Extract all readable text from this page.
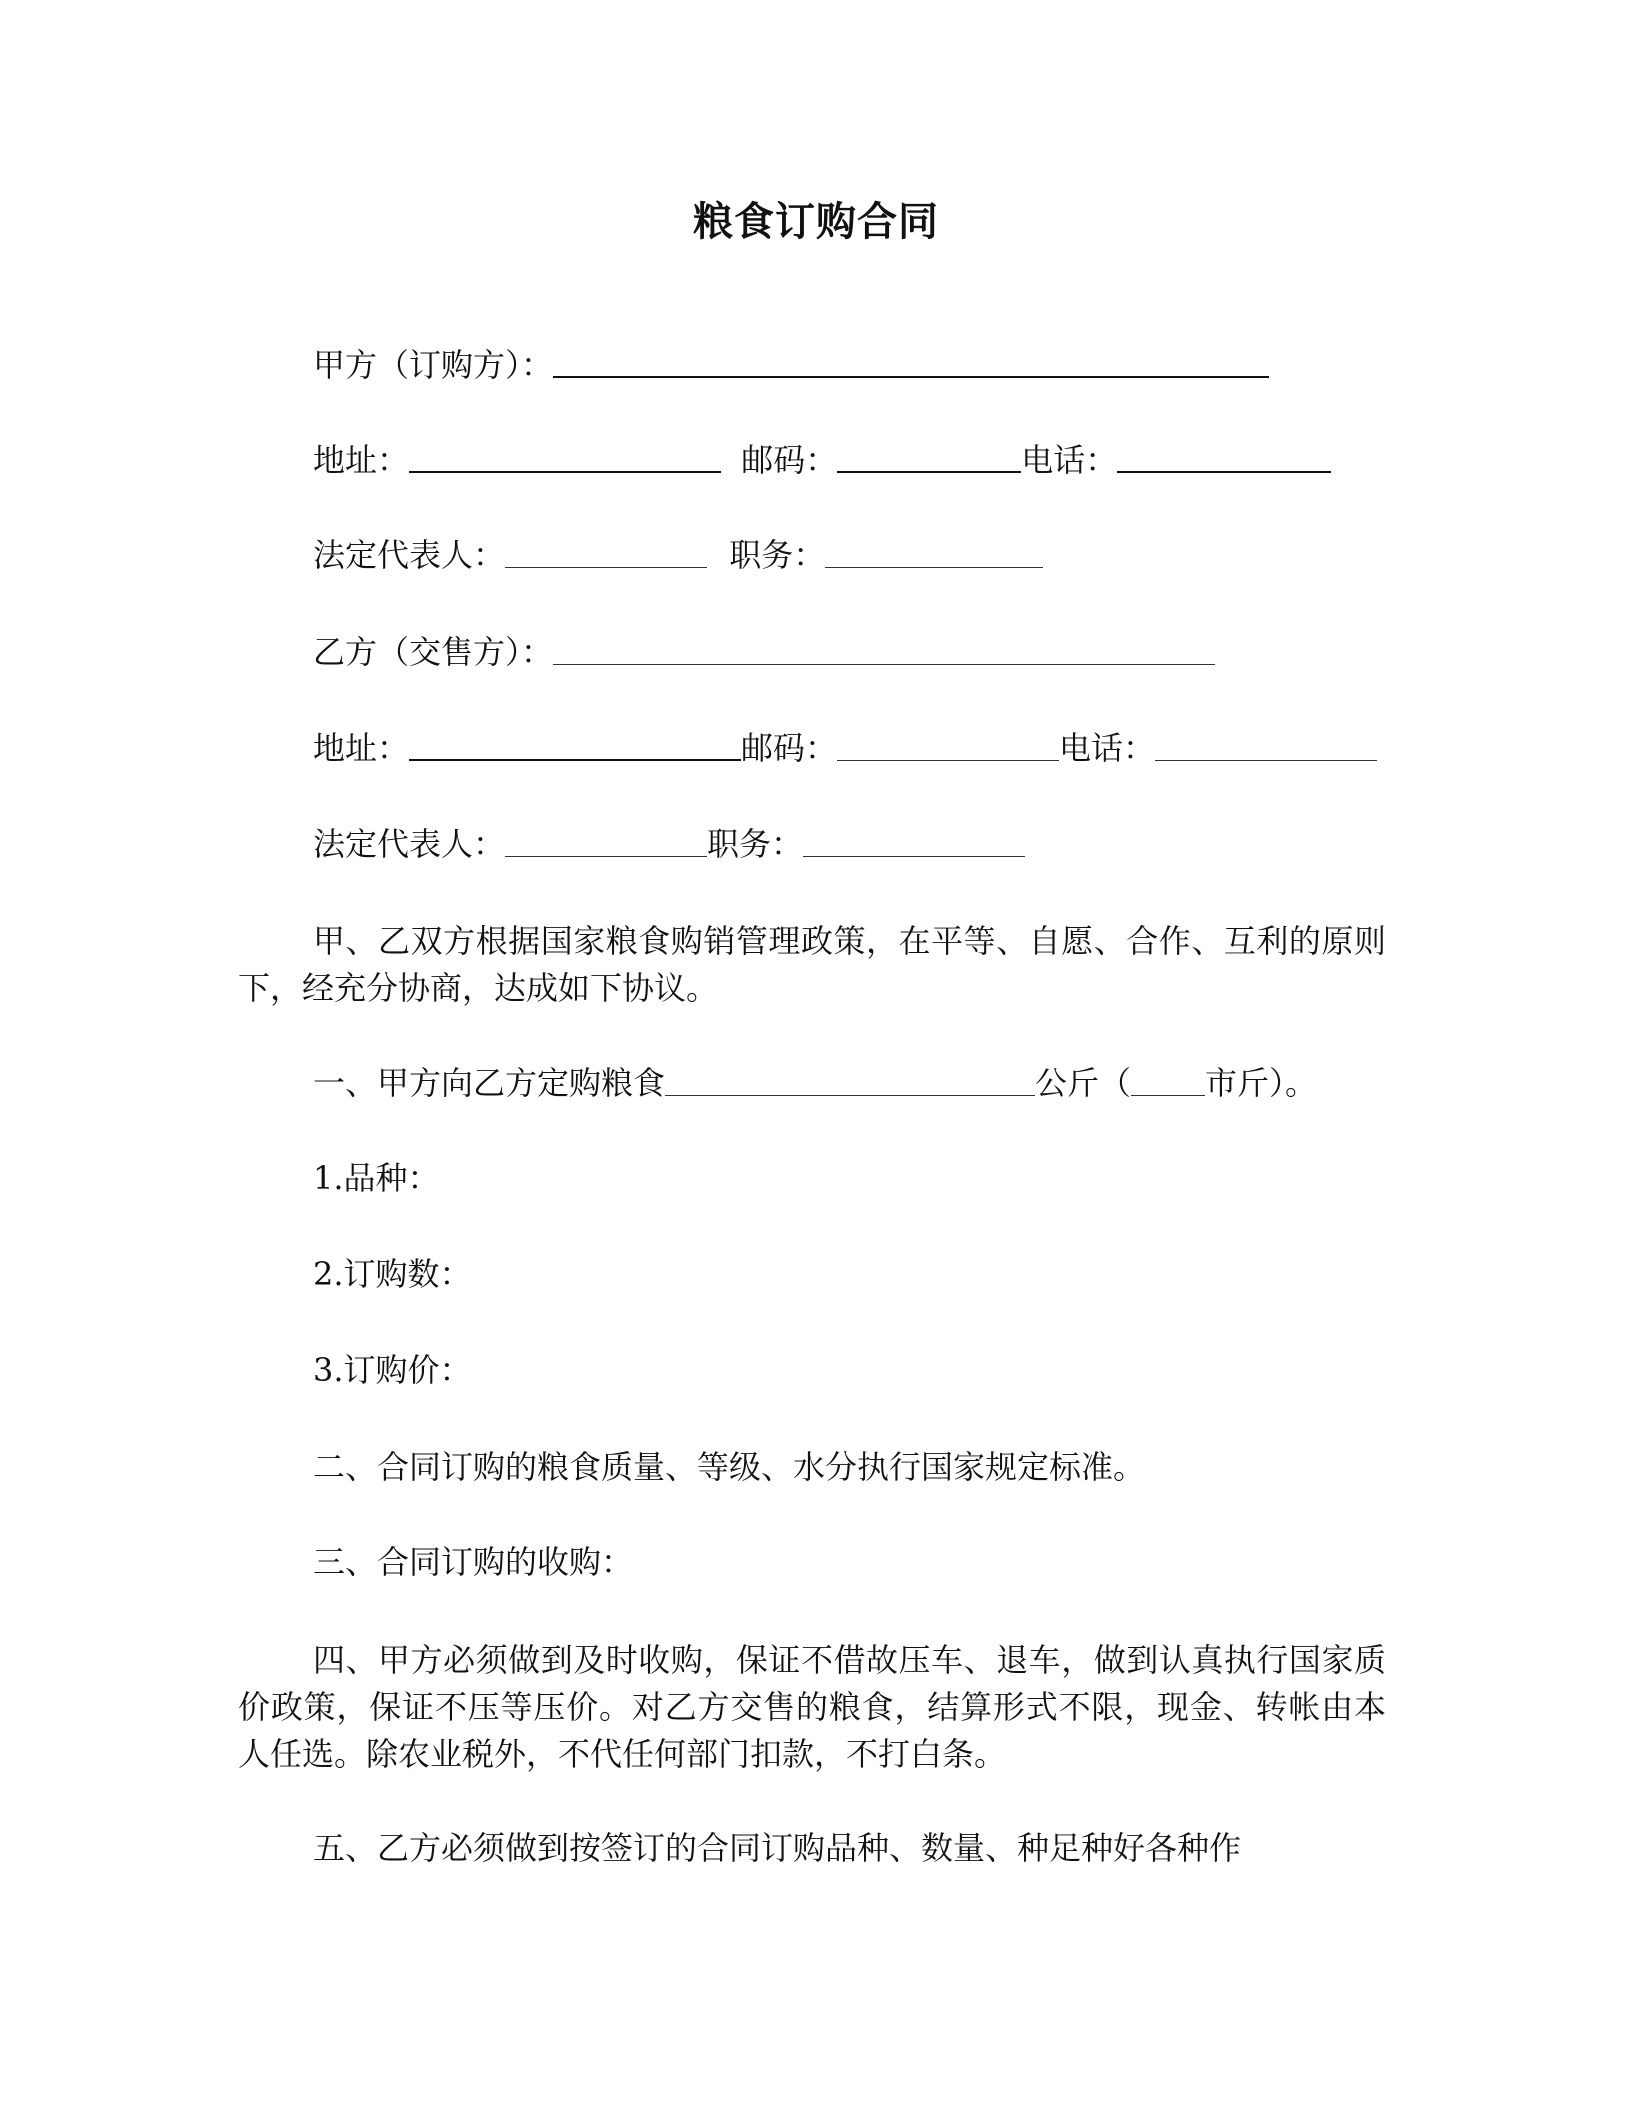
粮食订购合同
甲方（订购方）：
地址：	邮码：	电话：
法定代表人：	职务：
乙方（交售方）：
地址：	邮码：	电话：
法定代表人：	职务：
甲、乙双方根据国家粮食购销管理政策，在平等、自愿、合作、互利的原则下，经充分协商，达成如下协议。
一、甲方向乙方定购粮食	公斤（ 市斤）。
1.品种：
2.订购数：
3.订购价：
二、合同订购的粮食质量、等级、水分执行国家规定标准。
三、合同订购的收购：
四、甲方必须做到及时收购，保证不借故压车、退车，做到认真执行国家质价政策，保证不压等压价。对乙方交售的粮食，结算形式不限，现金、转帐由本人任选。除农业税外，不代任何部门扣款，不打白条。
五、乙方必须做到按签订的合同订购品种、数量、种足种好各种作
